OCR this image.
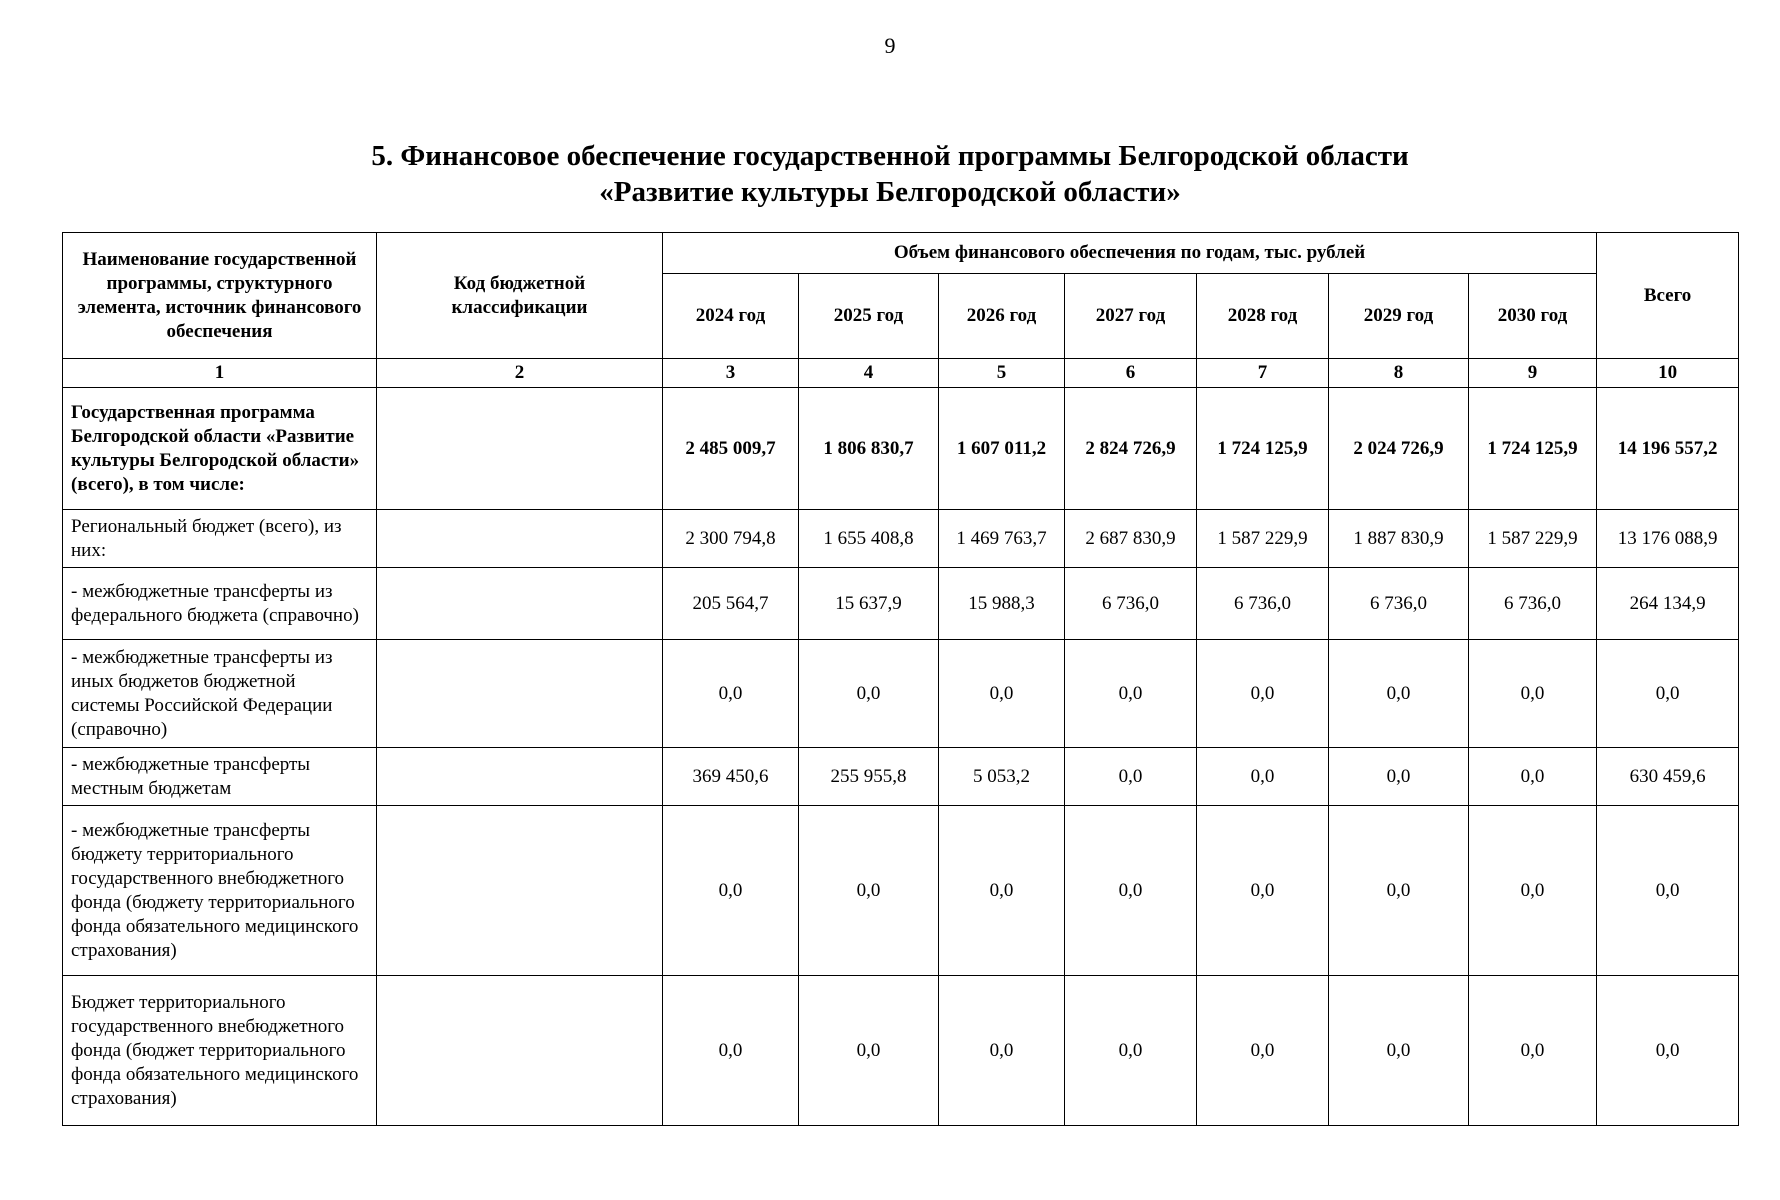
9
5. Финансовое обеспечение государственной программы Белгородской области
«Развитие культуры Белгородской области»
Наименование государственной программы, структурного элемента, источник финансового обеспечения	Код бюджетной классификации	Объем финансового обеспечения по годам, тыс. рублей							Всего
		2024 год	2025 год	2026 год	2027 год	2028 год	2029 год	2030 год	
1	2	3	4	5	6	7	8	9	10
Государственная программа Белгородской области «Развитие культуры Белгородской области» (всего), в том числе:		2 485 009,7	1 806 830,7	1 607 011,2	2 824 726,9	1 724 125,9	2 024 726,9	1 724 125,9	14 196 557,2
Региональный бюджет (всего), из них:		2 300 794,8	1 655 408,8	1 469 763,7	2 687 830,9	1 587 229,9	1 887 830,9	1 587 229,9	13 176 088,9
- межбюджетные трансферты из федерального бюджета (справочно)		205 564,7	15 637,9	15 988,3	6 736,0	6 736,0	6 736,0	6 736,0	264 134,9
- межбюджетные трансферты из иных бюджетов бюджетной системы Российской Федерации (справочно)		0,0	0,0	0,0	0,0	0,0	0,0	0,0	0,0
- межбюджетные трансферты местным бюджетам		369 450,6	255 955,8	5 053,2	0,0	0,0	0,0	0,0	630 459,6
- межбюджетные трансферты бюджету территориального государственного внебюджетного фонда (бюджету территориального фонда обязательного медицинского страхования)		0,0	0,0	0,0	0,0	0,0	0,0	0,0	0,0
Бюджет территориального государственного внебюджетного фонда (бюджет территориального фонда обязательного медицинского страхования)		0,0	0,0	0,0	0,0	0,0	0,0	0,0	0,0
